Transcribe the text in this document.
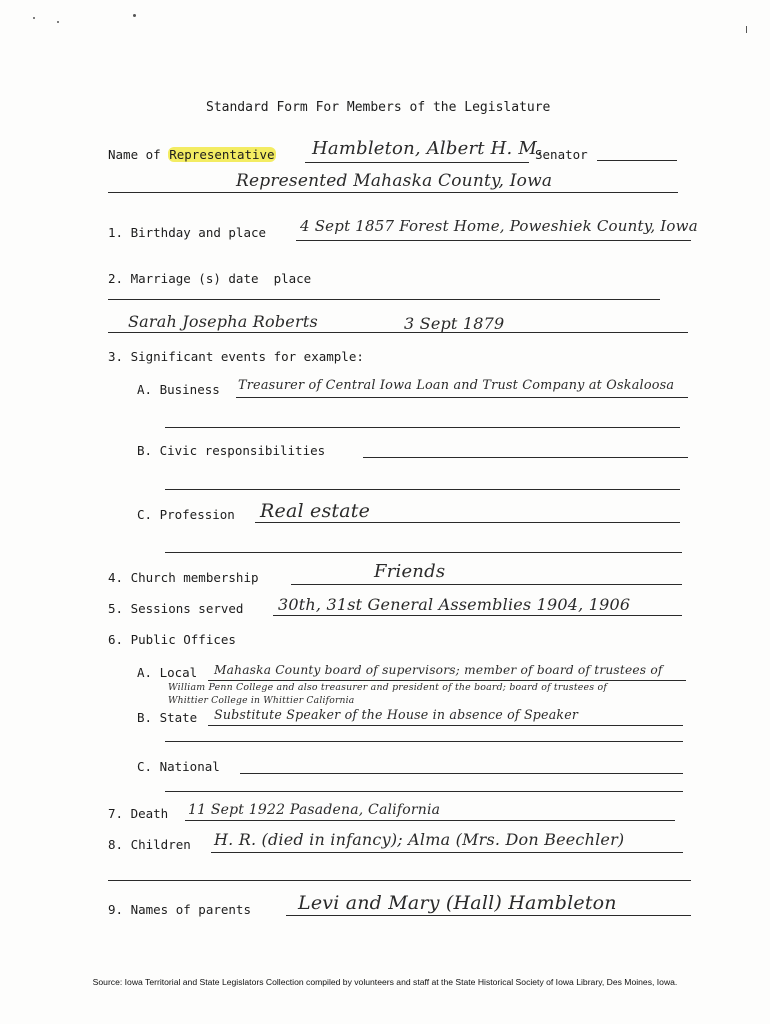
Standard Form For Members of the Legislature
Name of Representative Hambleton, Albert H. M.
Senator
Represented Mahaska County, Iowa
1. Birthday and place 4 Sept 1857 Forest Home, Poweshiek County, Iowa
2. Marriage (s) date  place
Sarah Josepha Roberts	3 Sept 1879
3. Significant events for example:
A. Business Treasurer of Central Iowa Loan and Trust Company at Oskaloosa
B. Civic responsibilities
C. Profession Real estate
4. Church membership	Friends
5. Sessions served 30th, 31st General Assemblies 1904, 1906
6. Public Offices
A. Local Mahaska County board of supervisors; member of board of trustees of
William Penn College and also treasurer and president of the board; board of trustees of
Whittier College in Whittier California
B. State Substitute Speaker of the House in absence of Speaker
C. National
7. Death 11 Sept 1922 Pasadena, California
8. Children H. R. (died in infancy); Alma (Mrs. Don Beechler)
9. Names of parents Levi and Mary (Hall) Hambleton
Source: Iowa Territorial and State Legislators Collection compiled by volunteers and staff at the State Historical Society of Iowa Library, Des Moines, Iowa.
